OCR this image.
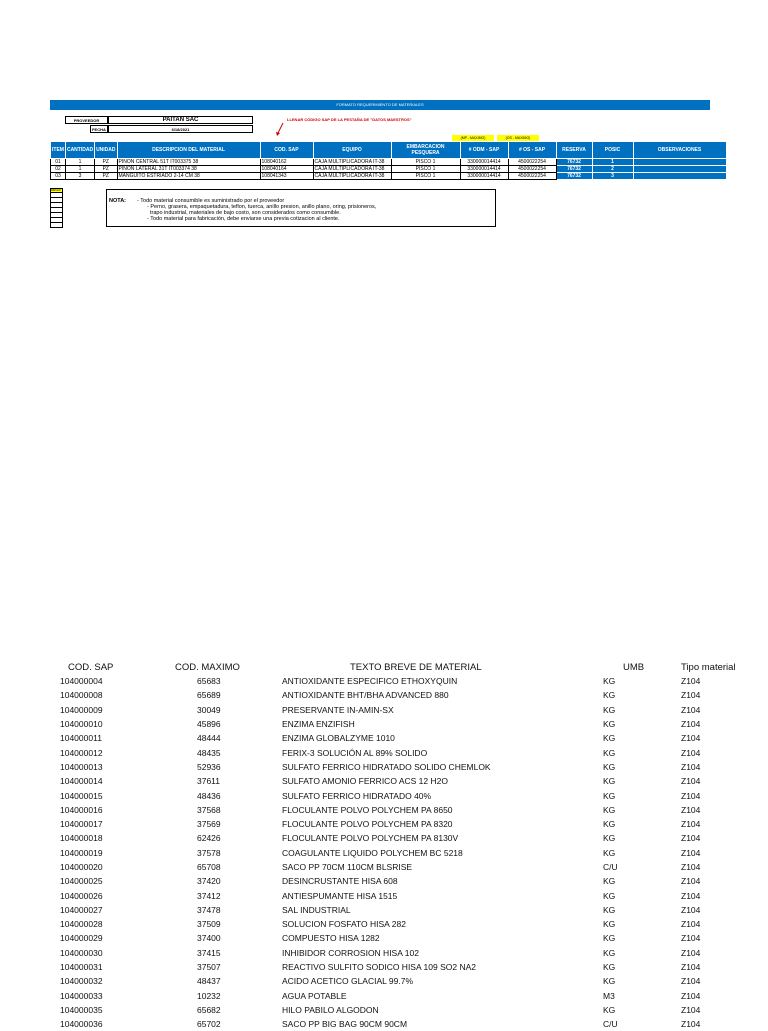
FORMATO REQUERIMIENTO DE MATERIALES
PROVEEDOR	PAITAN SAC
FECHA	6/18/2021
LLENAR CÓDIGO SAP DE LA PESTAÑA DE "DATOS MAESTROS"
(MP - MAXIMO)	(OS - MAXIMO)
ITEM	CANTIDAD	UNIDAD	DESCRIPCION DEL MATERIAL	COD. SAP	EQUIPO	EMBARCACION PESQUERA	# ODM - SAP	# OS - SAP	RESERVA	POSIC	OBSERVACIONES
01	1	PZ	PINON CENTRAL 51T IT003375 38	108040162	CAJA MULTIPLICADORA IT-38	PISCO 1	330000014414	4500022254	76732	1	
02	1	PZ	PINON LATERAL 31T IT003374 38	108040164	CAJA MULTIPLICADORA IT-38	PISCO 1	330000014414	4500022254	76732	2	
03	3	PZ	MANGUITO ESTRIADO 2-14 CM 38	108041343	CAJA MULTIPLICADORA IT-38	PISCO 1	330000014414	4500022254	76732	3	
RIESGO
NOTA: - Todo material consumible es suministrado por el proveedor
- Perno, grasera, empaquetadura, teflon, tuerca, anillo presion, anillo plano, oring, prisioneros,
trapo industrial, materiales de bajo costo, son considerados como consumible.
- Todo material para fabricación, debe enviarse una previa cotizacion al cliente.
COD. SAP	COD. MAXIMO	TEXTO BREVE DE MATERIAL	UMB	Tipo material
104000004	65683	ANTIOXIDANTE ESPECIFICO ETHOXYQUIN	KG	Z104
104000008	65689	ANTIOXIDANTE BHT/BHA ADVANCED 880	KG	Z104
104000009	30049	PRESERVANTE IN-AMIN-SX	KG	Z104
104000010	45896	ENZIMA ENZIFISH	KG	Z104
104000011	48444	ENZIMA GLOBALZYME 1010	KG	Z104
104000012	48435	FERIX-3 SOLUCIÓN AL 89% SOLIDO	KG	Z104
104000013	52936	SULFATO FERRICO HIDRATADO SOLIDO CHEMLOK	KG	Z104
104000014	37611	SULFATO AMONIO FERRICO ACS 12 H2O	KG	Z104
104000015	48436	SULFATO FERRICO HIDRATADO 40%	KG	Z104
104000016	37568	FLOCULANTE POLVO POLYCHEM PA 8650	KG	Z104
104000017	37569	FLOCULANTE POLVO POLYCHEM PA 8320	KG	Z104
104000018	62426	FLOCULANTE POLVO POLYCHEM PA 8130V	KG	Z104
104000019	37578	COAGULANTE LIQUIDO POLYCHEM BC 5218	KG	Z104
104000020	65708	SACO PP 70CM 110CM BLSRISE	C/U	Z104
104000025	37420	DESINCRUSTANTE HISA 608	KG	Z104
104000026	37412	ANTIESPUMANTE HISA 1515	KG	Z104
104000027	37478	SAL INDUSTRIAL	KG	Z104
104000028	37509	SOLUCION FOSFATO HISA 282	KG	Z104
104000029	37400	COMPUESTO HISA 1282	KG	Z104
104000030	37415	INHIBIDOR CORROSION HISA 102	KG	Z104
104000031	37507	REACTIVO SULFITO SODICO HISA 109 SO2 NA2	KG	Z104
104000032	48437	ACIDO ACETICO GLACIAL 99.7%	KG	Z104
104000033	10232	AGUA POTABLE	M3	Z104
104000035	65682	HILO PABILO ALGODON	KG	Z104
104000036	65702	SACO PP BIG BAG 90CM 90CM	C/U	Z104
